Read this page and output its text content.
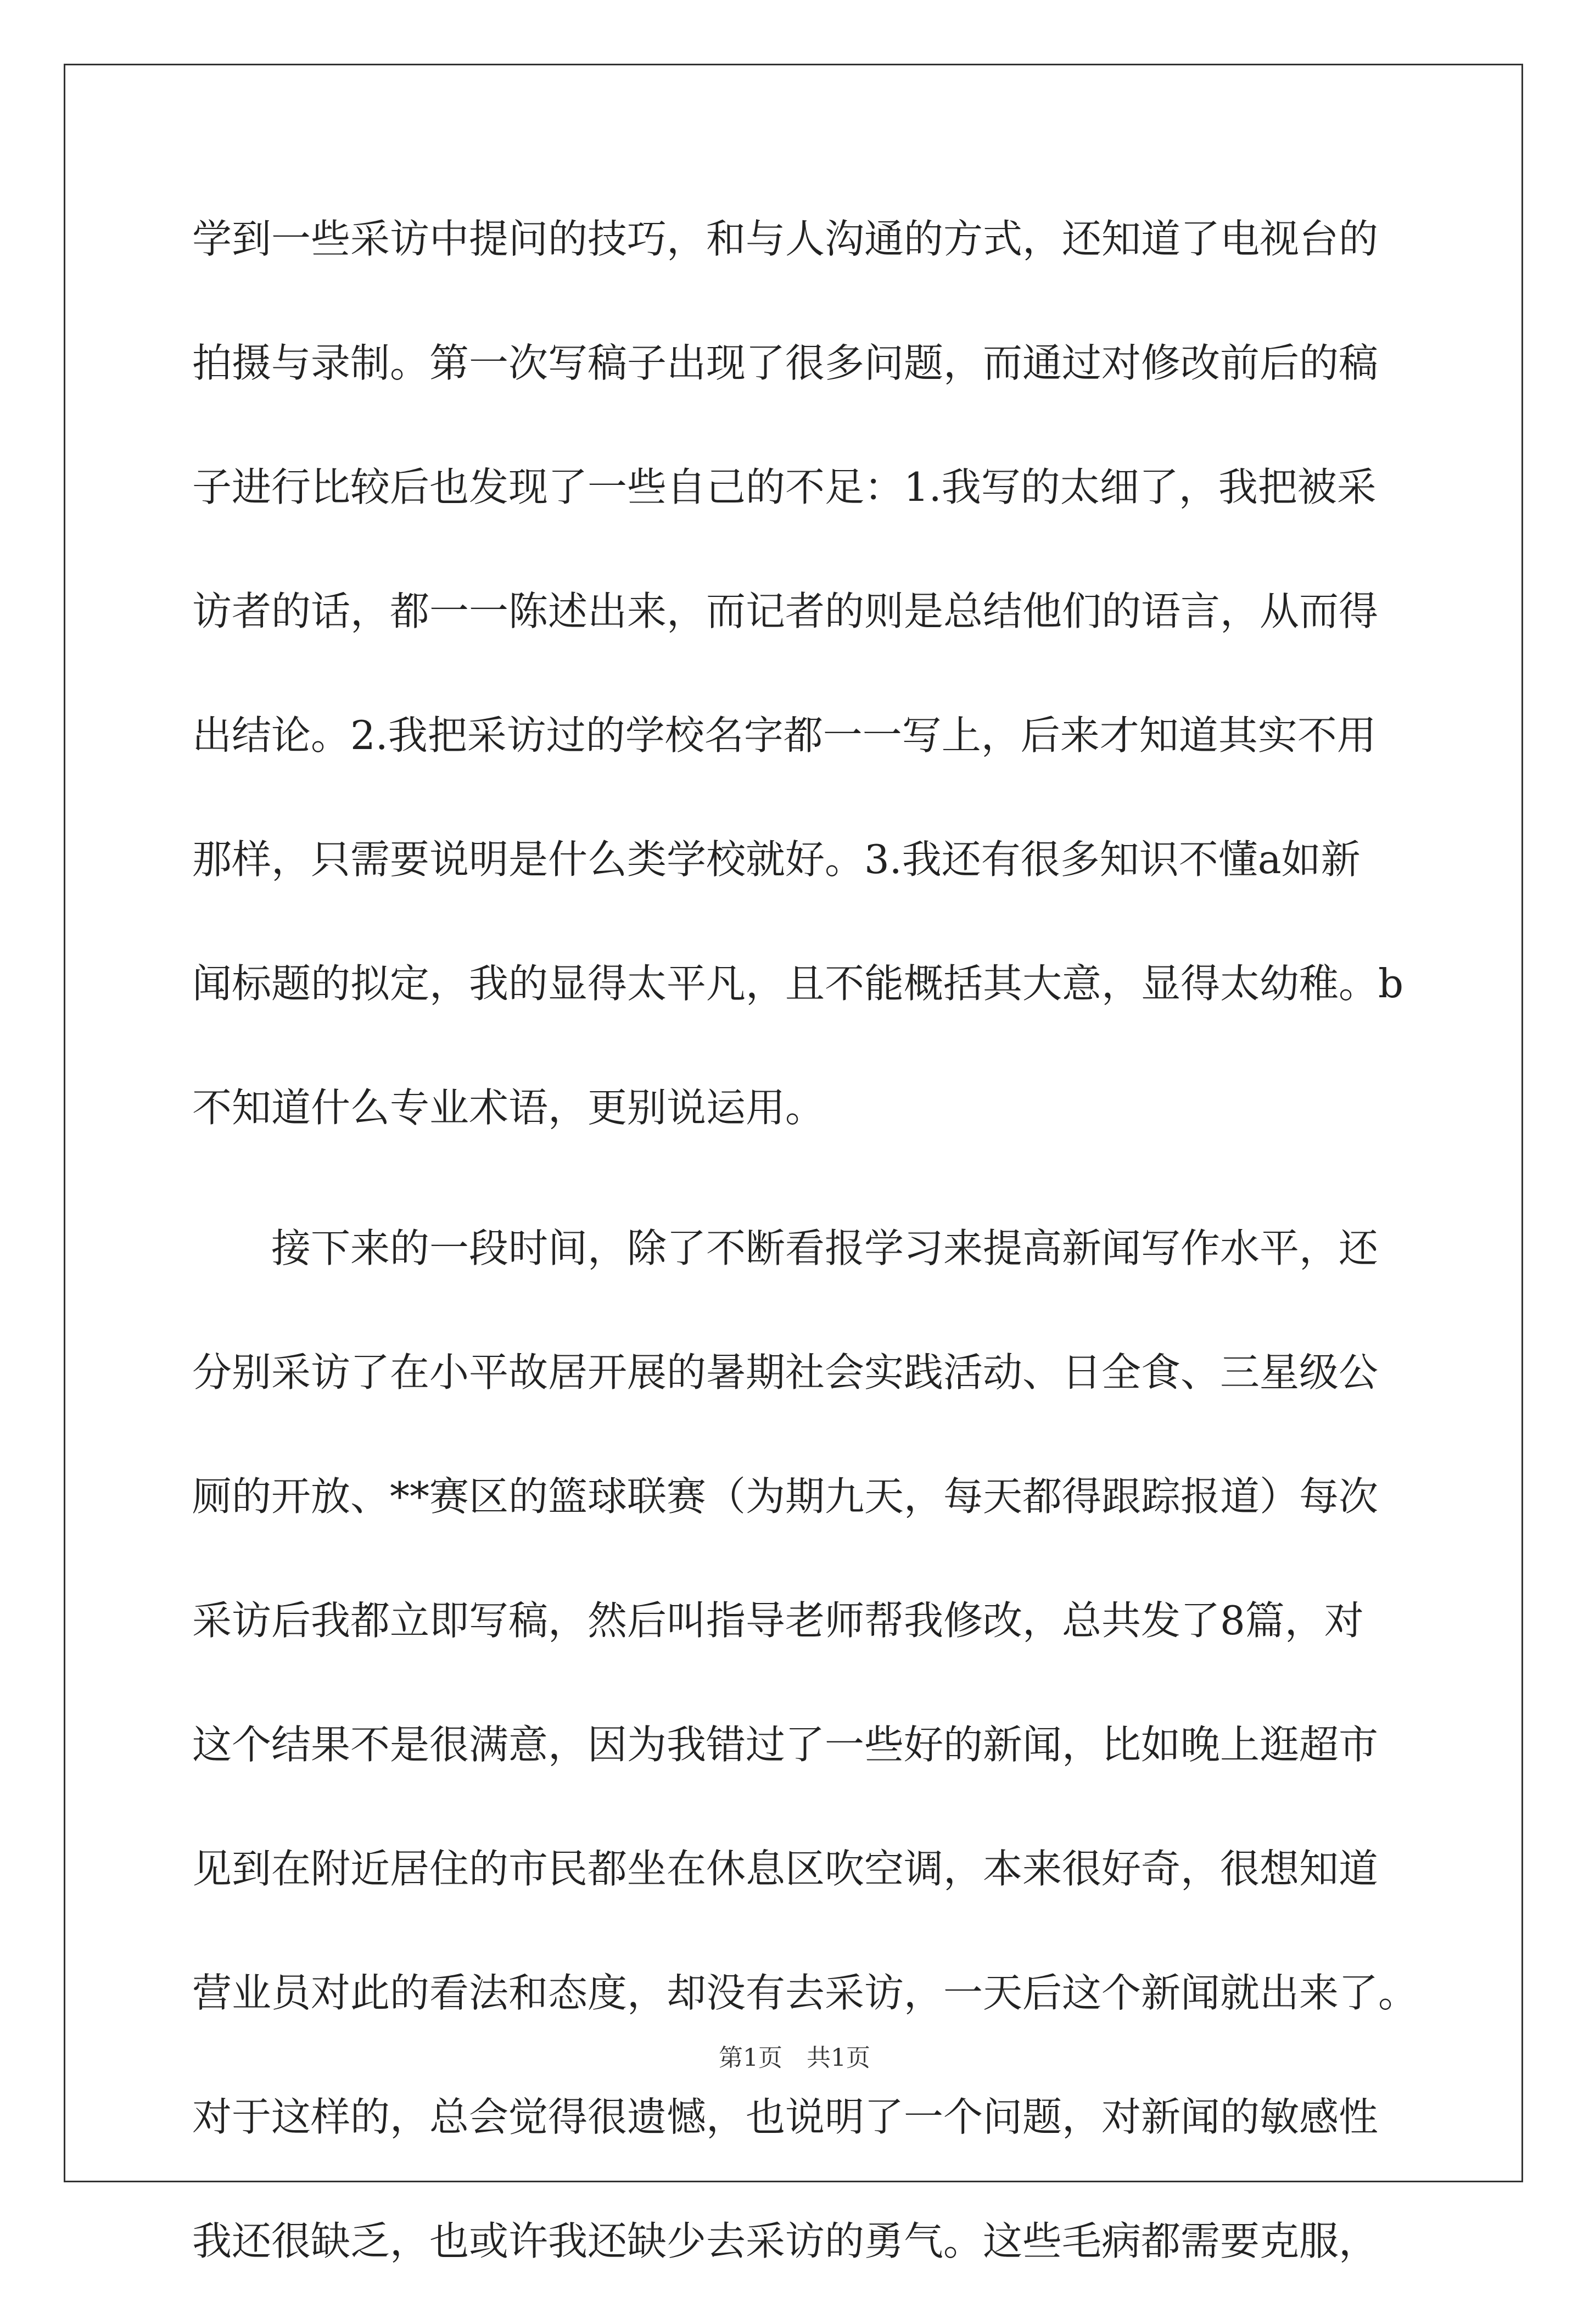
学到一些采访中提问的技巧，和与人沟通的方式，还知道了电视台的
拍摄与录制。第一次写稿子出现了很多问题，而通过对修改前后的稿
子进行比较后也发现了一些自己的不足：1.我写的太细了，我把被采
访者的话，都一一陈述出来，而记者的则是总结他们的语言，从而得
出结论。2.我把采访过的学校名字都一一写上，后来才知道其实不用
那样，只需要说明是什么类学校就好。3.我还有很多知识不懂a如新
闻标题的拟定，我的显得太平凡，且不能概括其大意，显得太幼稚。b
不知道什么专业术语，更别说运用。
　　接下来的一段时间，除了不断看报学习来提高新闻写作水平，还
分别采访了在小平故居开展的暑期社会实践活动、日全食、三星级公
厕的开放、**赛区的篮球联赛（为期九天，每天都得跟踪报道）每次
采访后我都立即写稿，然后叫指导老师帮我修改，总共发了8篇，对
这个结果不是很满意，因为我错过了一些好的新闻，比如晚上逛超市
见到在附近居住的市民都坐在休息区吹空调，本来很好奇，很想知道
营业员对此的看法和态度，却没有去采访，一天后这个新闻就出来了。
对于这样的，总会觉得很遗憾，也说明了一个问题，对新闻的敏感性
我还很缺乏，也或许我还缺少去采访的勇气。这些毛病都需要克服，
第1页　共1页
